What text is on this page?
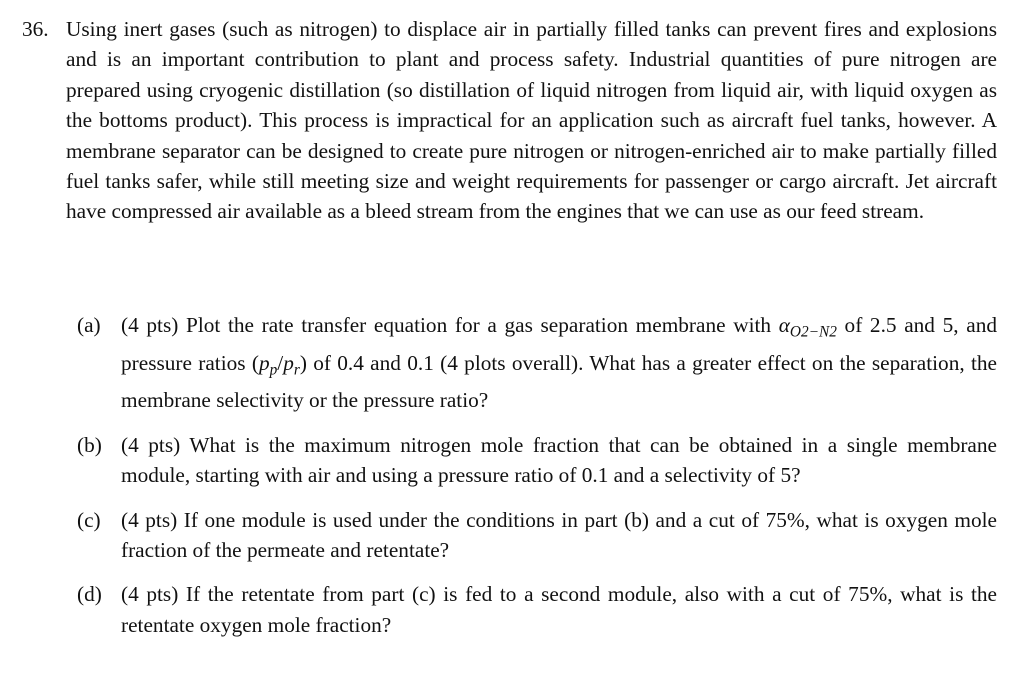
36. Using inert gases (such as nitrogen) to displace air in partially filled tanks can prevent fires and explosions and is an important contribution to plant and process safety. Industrial quantities of pure nitrogen are prepared using cryogenic distillation (so distillation of liquid nitrogen from liquid air, with liquid oxygen as the bottoms product). This process is impractical for an application such as aircraft fuel tanks, however. A membrane separator can be designed to create pure nitrogen or nitrogen-enriched air to make partially filled fuel tanks safer, while still meeting size and weight requirements for passenger or cargo aircraft. Jet aircraft have compressed air available as a bleed stream from the engines that we can use as our feed stream.
(a) (4 pts) Plot the rate transfer equation for a gas separation membrane with $\alpha_{O2-N2}$ of 2.5 and 5, and pressure ratios $(p_p/p_r)$ of 0.4 and 0.1 (4 plots overall). What has a greater effect on the separation, the membrane selectivity or the pressure ratio?
(b) (4 pts) What is the maximum nitrogen mole fraction that can be obtained in a single membrane module, starting with air and using a pressure ratio of 0.1 and a selectivity of 5?
(c) (4 pts) If one module is used under the conditions in part (b) and a cut of 75%, what is oxygen mole fraction of the permeate and retentate?
(d) (4 pts) If the retentate from part (c) is fed to a second module, also with a cut of 75%, what is the retentate oxygen mole fraction?
